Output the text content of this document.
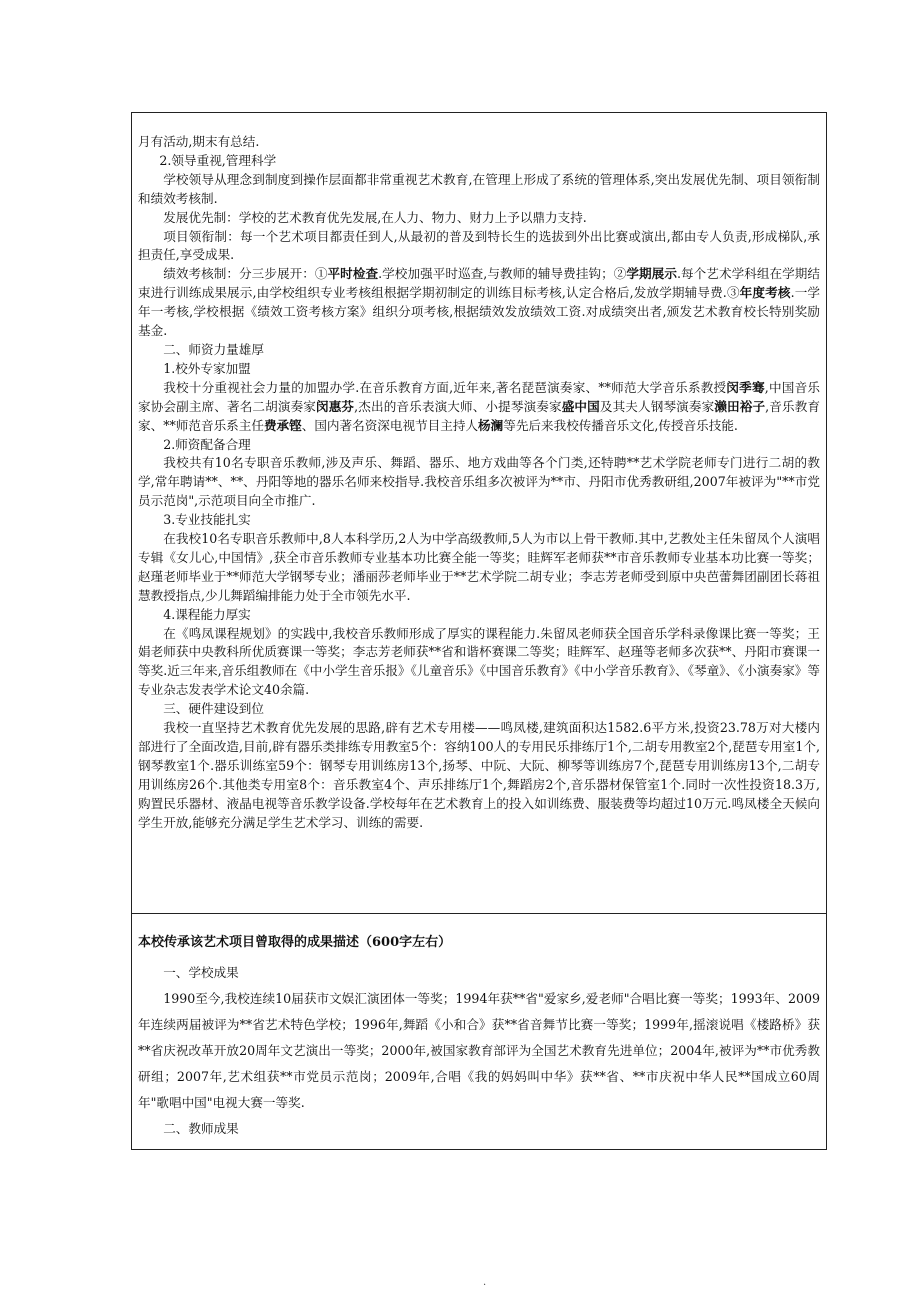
月有活动,期末有总结.

2.领导重视,管理科学

学校领导从理念到制度到操作层面都非常重视艺术教育,在管理上形成了系统的管理体系,突出发展优先制、项目领衔制和绩效考核制.

发展优先制：学校的艺术教育优先发展,在人力、物力、财力上予以鼎力支持.

项目领衔制：每一个艺术项目都责任到人,从最初的普及到特长生的选拔到外出比赛或演出,都由专人负责,形成梯队,承担责任,享受成果.

绩效考核制：分三步展开：①平时检查.学校加强平时巡查,与教师的辅导费挂钩；②学期展示.每个艺术学科组在学期结束进行训练成果展示,由学校组织专业考核组根据学期初制定的训练目标考核,认定合格后,发放学期辅导费.③年度考核.一学年一考核,学校根据《绩效工资考核方案》组织分项考核,根据绩效发放绩效工资.对成绩突出者,颁发艺术教育校长特别奖励基金.

二、师资力量雄厚

1.校外专家加盟

我校十分重视社会力量的加盟办学.在音乐教育方面,近年来,著名琵琶演奏家、**师范大学音乐系教授闵季骞,中国音乐家协会副主席、著名二胡演奏家闵惠芬,杰出的音乐表演大师、小提琴演奏家盛中国及其夫人钢琴演奏家濑田裕子,音乐教育家、**师范音乐系主任费承铿、国内著名资深电视节目主持人杨澜等先后来我校传播音乐文化,传授音乐技能.

2.师资配备合理

我校共有10名专职音乐教师,涉及声乐、舞蹈、器乐、地方戏曲等各个门类,还特聘**艺术学院老师专门进行二胡的教学,常年聘请**、**、丹阳等地的器乐名师来校指导.我校音乐组多次被评为**市、丹阳市优秀教研组,2007年被评为"**市党员示范岗",示范项目向全市推广.

3.专业技能扎实

在我校10名专职音乐教师中,8人本科学历,2人为中学高级教师,5人为市以上骨干教师.其中,艺教处主任朱留凤个人演唱专辑《女儿心,中国情》,获全市音乐教师专业基本功比赛全能一等奖；眭辉军老师获**市音乐教师专业基本功比赛一等奖；赵瑾老师毕业于**师范大学钢琴专业；潘丽莎老师毕业于**艺术学院二胡专业；李志芳老师受到原中央芭蕾舞团副团长蒋祖慧教授指点,少儿舞蹈编排能力处于全市领先水平.

4.课程能力厚实

在《鸣凤课程规划》的实践中,我校音乐教师形成了厚实的课程能力.朱留凤老师获全国音乐学科录像课比赛一等奖；王娟老师获中央教科所优质赛课一等奖；李志芳老师获**省和谐杯赛课二等奖；眭辉军、赵瑾等老师多次获**、丹阳市赛课一等奖.近三年来,音乐组教师在《中小学生音乐报》《儿童音乐》《中国音乐教育》《中小学音乐教育》、《琴童》、《小演奏家》等专业杂志发表学术论文40余篇.

三、硬件建设到位

我校一直坚持艺术教育优先发展的思路,辟有艺术专用楼——鸣凤楼,建筑面积达1582.6平方米,投资23.78万对大楼内部进行了全面改造,目前,辟有器乐类排练专用教室5个：容纳100人的专用民乐排练厅1个,二胡专用教室2个,琵琶专用室1个,钢琴教室1个.器乐训练室59个：钢琴专用训练房13个,扬琴、中阮、大阮、柳琴等训练房7个,琵琶专用训练房13个,二胡专用训练房26个.其他类专用室8个：音乐教室4个、声乐排练厅1个,舞蹈房2个,音乐器材保管室1个.同时一次性投资18.3万,购置民乐器材、液晶电视等音乐教学设备.学校每年在艺术教育上的投入如训练费、服装费等均超过10万元.鸣凤楼全天候向学生开放,能够充分满足学生艺术学习、训练的需要.

本校传承该艺术项目曾取得的成果描述（600字左右）

一、学校成果

1990至今,我校连续10届获市文娱汇演团体一等奖；1994年获**省"爱家乡,爱老师"合唱比赛一等奖；1993年、2009年连续两届被评为**省艺术特色学校；1996年,舞蹈《小和合》获**省音舞节比赛一等奖；1999年,摇滚说唱《楼路桥》获**省庆祝改革开放20周年文艺演出一等奖；2000年,被国家教育部评为全国艺术教育先进单位；2004年,被评为**市优秀教研组；2007年,艺术组获**市党员示范岗；2009年,合唱《我的妈妈叫中华》获**省、**市庆祝中华人民**国成立60周年"歌唱中国"电视大赛一等奖.

二、教师成果

.
